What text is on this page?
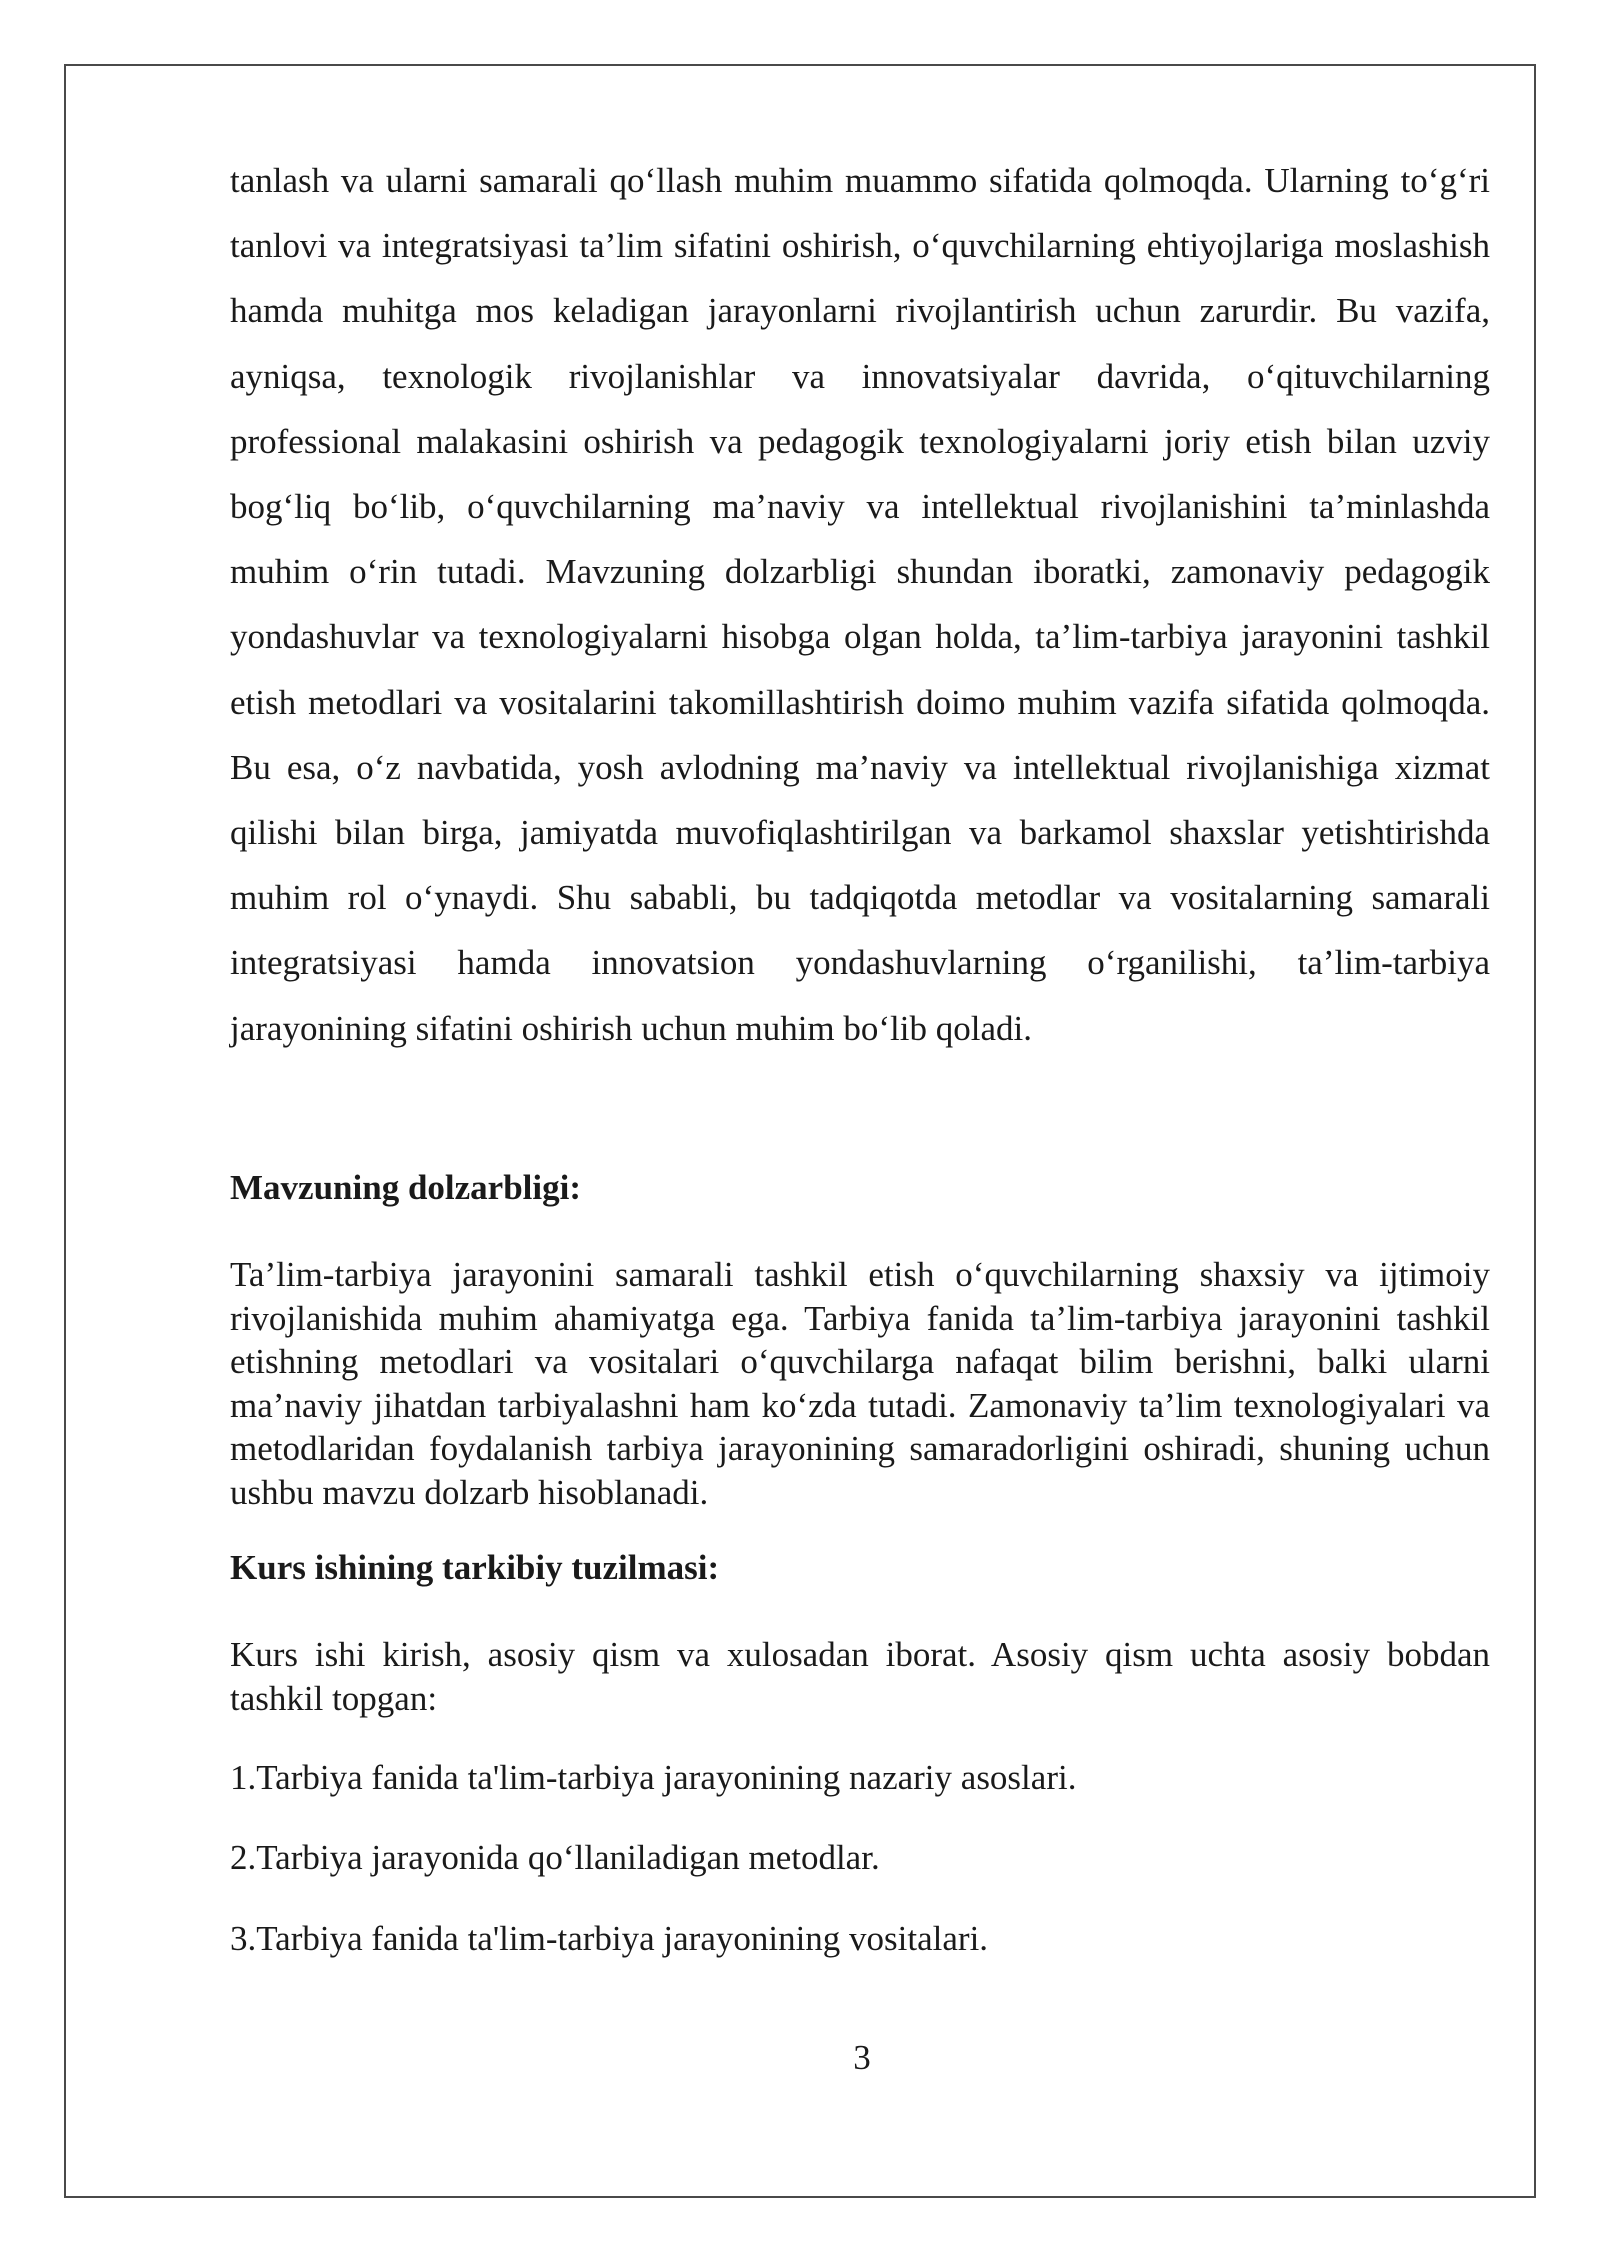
tanlash va ularni samarali qo‘llash muhim muammo sifatida qolmoqda. Ularning to‘g‘ri tanlovi va integratsiyasi ta’lim sifatini oshirish, o‘quvchilarning ehtiyojlariga moslashish hamda muhitga mos keladigan jarayonlarni rivojlantirish uchun zarurdir. Bu vazifa, ayniqsa, texnologik rivojlanishlar va innovatsiyalar davrida, o‘qituvchilarning professional malakasini oshirish va pedagogik texnologiyalarni joriy etish bilan uzviy bog‘liq bo‘lib, o‘quvchilarning ma’naviy va intellektual rivojlanishini ta’minlashda muhim o‘rin tutadi. Mavzuning dolzarbligi shundan iboratki, zamonaviy pedagogik yondashuvlar va texnologiyalarni hisobga olgan holda, ta’lim-tarbiya jarayonini tashkil etish metodlari va vositalarini takomillashtirish doimo muhim vazifa sifatida qolmoqda. Bu esa, o‘z navbatida, yosh avlodning ma’naviy va intellektual rivojlanishiga xizmat qilishi bilan birga, jamiyatda muvofiqlashtirilgan va barkamol shaxslar yetishtirishda muhim rol o‘ynaydi. Shu sababli, bu tadqiqotda metodlar va vositalarning samarali integratsiyasi hamda innovatsion yondashuvlarning o‘rganilishi, ta’lim-tarbiya jarayonining sifatini oshirish uchun muhim bo‘lib qoladi.

Mavzuning dolzarbligi:

Ta’lim-tarbiya jarayonini samarali tashkil etish o‘quvchilarning shaxsiy va ijtimoiy rivojlanishida muhim ahamiyatga ega. Tarbiya fanida ta’lim-tarbiya jarayonini tashkil etishning metodlari va vositalari o‘quvchilarga nafaqat bilim berishni, balki ularni ma’naviy jihatdan tarbiyalashni ham ko‘zda tutadi. Zamonaviy ta’lim texnologiyalari va metodlaridan foydalanish tarbiya jarayonining samaradorligini oshiradi, shuning uchun ushbu mavzu dolzarb hisoblanadi.

Kurs ishining tarkibiy tuzilmasi:

Kurs ishi kirish, asosiy qism va xulosadan iborat. Asosiy qism uchta asosiy bobdan tashkil topgan:

1.Tarbiya fanida ta'lim-tarbiya jarayonining nazariy asoslari.

2.Tarbiya jarayonida qo‘llaniladigan metodlar.

3.Tarbiya fanida ta'lim-tarbiya jarayonining vositalari.

3
